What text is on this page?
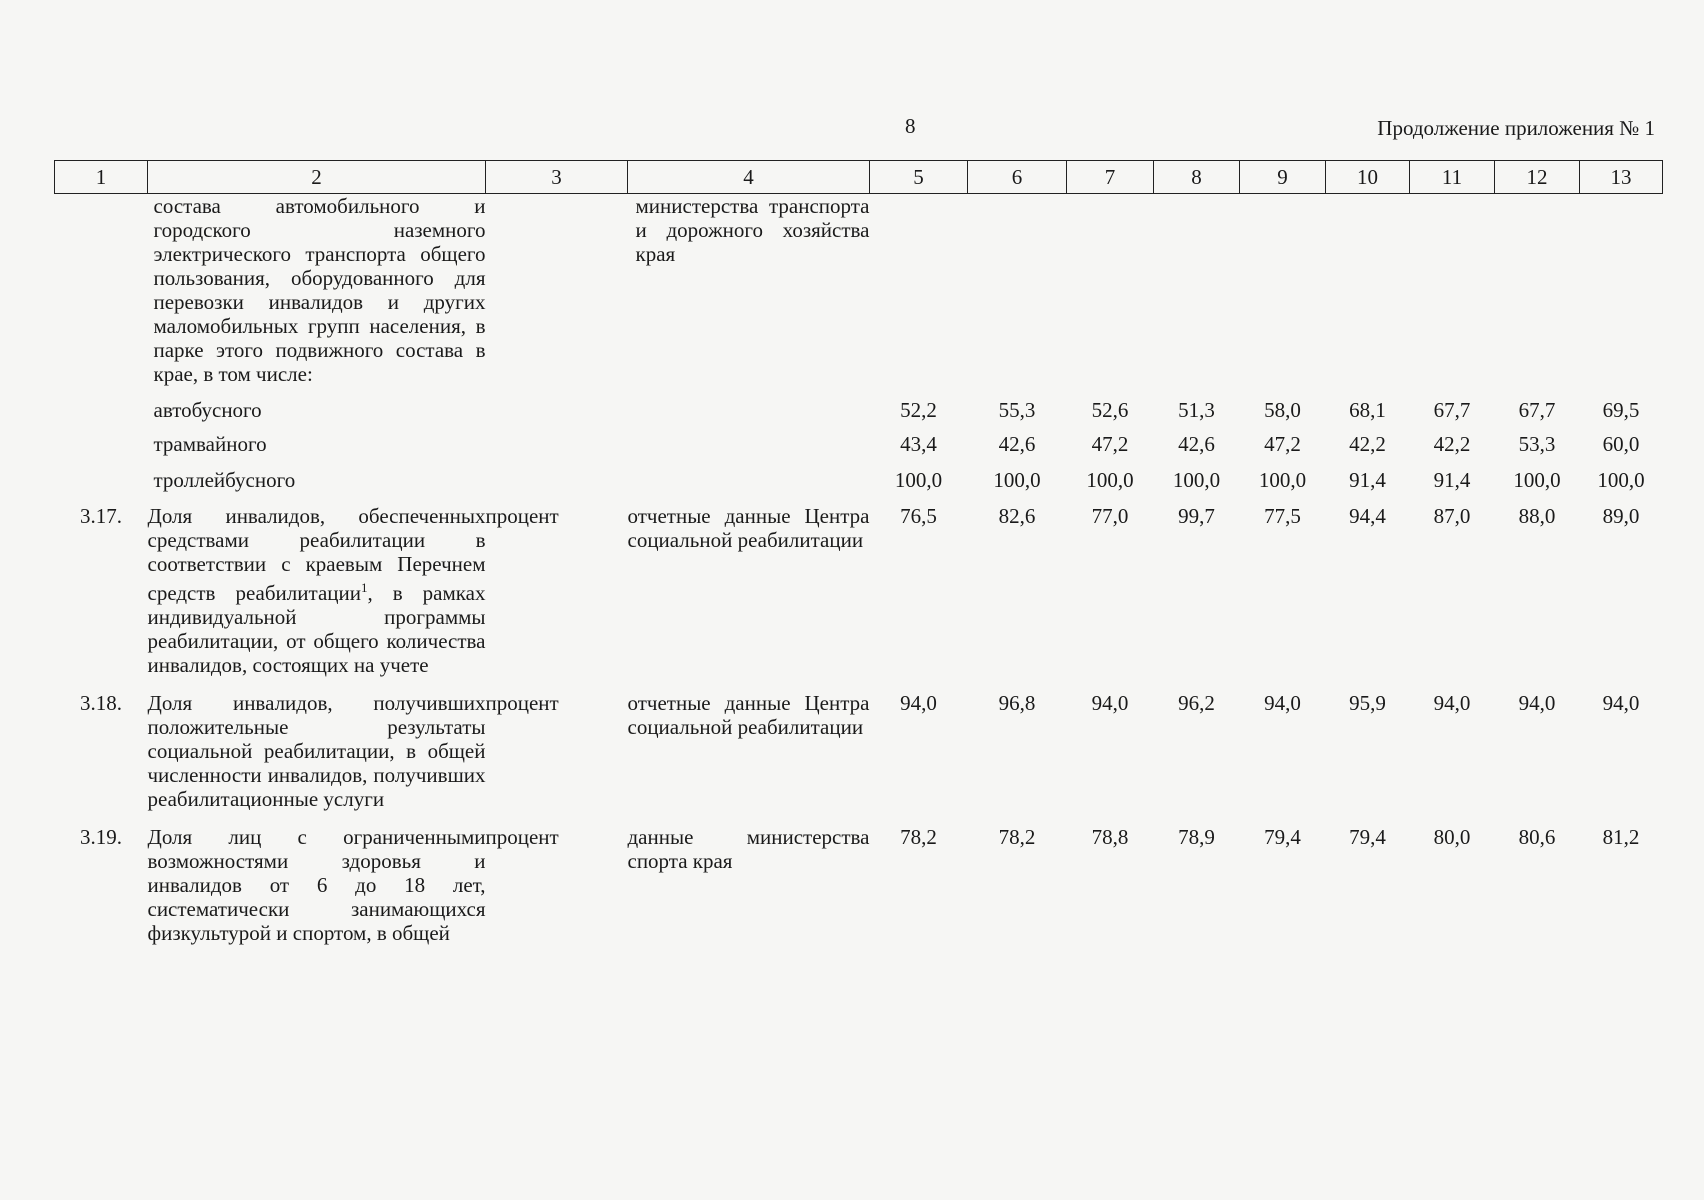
8	Продолжение приложения № 1
1	2	3	4	5	6	7	8	9	10	11	12	13
	состава автомобильного и городского наземного электрического транспорта общего пользования, оборудованного для перевозки инвалидов и других маломобильных групп населения, в парке этого подвижного состава в крае, в том числе:		министерства транспорта и дорожного хозяйства края									
	автобусного			52,2	55,3	52,6	51,3	58,0	68,1	67,7	67,7	69,5
	трамвайного			43,4	42,6	47,2	42,6	47,2	42,2	42,2	53,3	60,0
	троллейбусного			100,0	100,0	100,0	100,0	100,0	91,4	91,4	100,0	100,0
3.17.	Доля инвалидов, обеспеченных средствами реабилитации в соответствии с краевым Перечнем средств реабилитации$^1$, в рамках индивидуальной программы реабилитации, от общего количества инвалидов, состоящих на учете	процент	отчетные данные Центра социальной реабилитации	76,5	82,6	77,0	99,7	77,5	94,4	87,0	88,0	89,0
3.18.	Доля инвалидов, получивших положительные результаты социальной реабилитации, в общей численности инвалидов, получивших реабилитационные услуги	процент	отчетные данные Центра социальной реабилитации	94,0	96,8	94,0	96,2	94,0	95,9	94,0	94,0	94,0
3.19.	Доля лиц с ограниченными возможностями здоровья и инвалидов от 6 до 18 лет, систематически занимающихся физкультурой и спортом, в общей	процент	данные министерства спорта края	78,2	78,2	78,8	78,9	79,4	79,4	80,0	80,6	81,2
